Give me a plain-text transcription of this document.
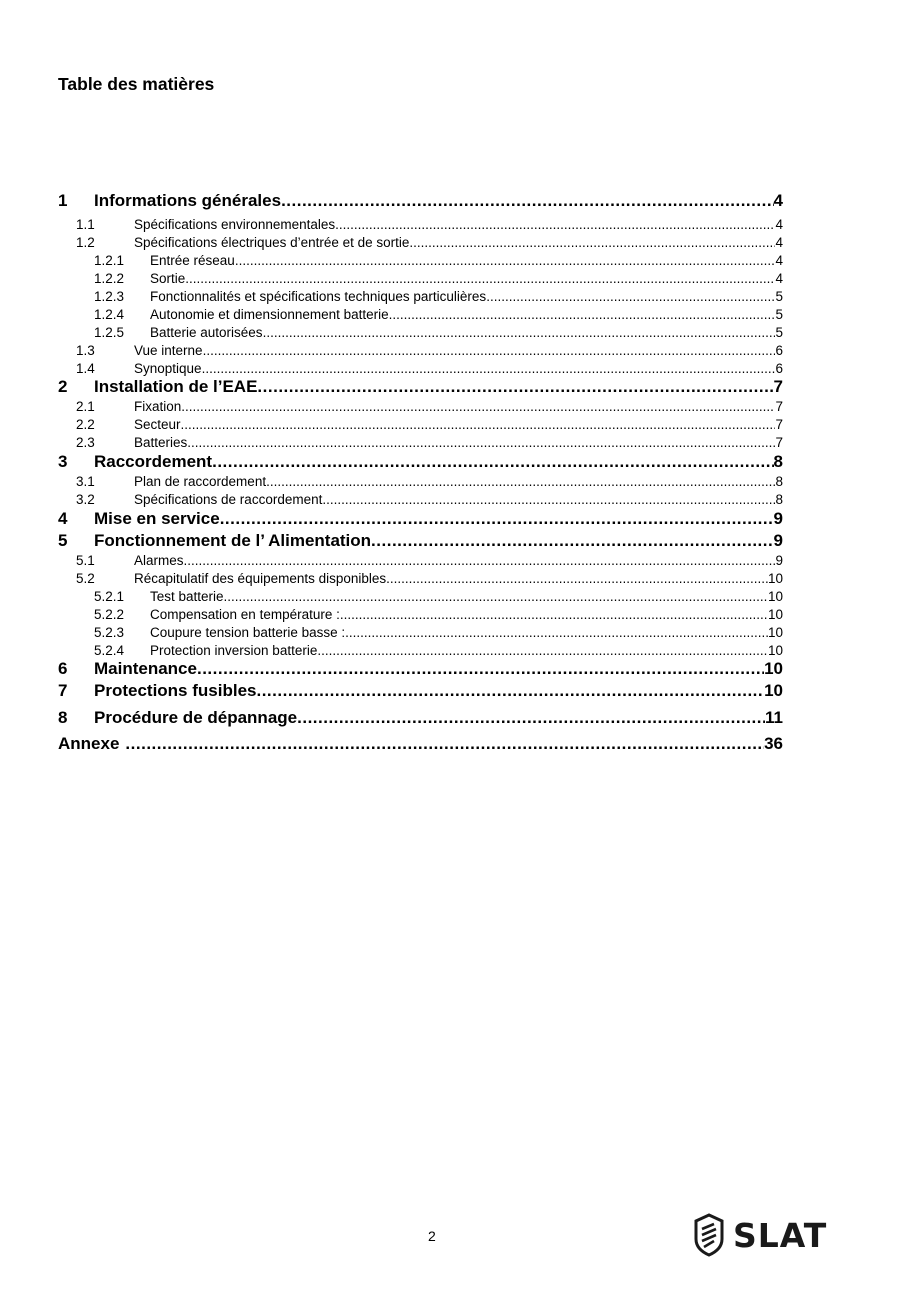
Table des matières
1	Informations générales .....	4
1.1	Spécifications environnementales .....	4
1.2	Spécifications électriques d’entrée et de sortie .....	4
1.2.1	Entrée réseau .....	4
1.2.2	Sortie .....	4
1.2.3	Fonctionnalités et spécifications techniques particulières .....	5
1.2.4	Autonomie et dimensionnement batterie .....	5
1.2.5	Batterie autorisées .....	5
1.3	Vue interne .....	6
1.4	Synoptique .....	6
2	Installation de l’EAE .....	7
2.1	Fixation .....	7
2.2	Secteur .....	7
2.3	Batteries .....	7
3	Raccordement .....	8
3.1	Plan de raccordement .....	8
3.2	Spécifications de raccordement .....	8
4	Mise en service .....	9
5	Fonctionnement de l’ Alimentation .....	9
5.1	Alarmes .....	9
5.2	Récapitulatif des équipements disponibles .....	10
5.2.1	Test batterie .....	10
5.2.2	Compensation en température : .....	10
5.2.3	Coupure tension batterie basse : .....	10
5.2.4	Protection inversion batterie .....	10
6	Maintenance .....	10
7	Protections fusibles .....	10
8	Procédure de dépannage .....	11
Annexe .....	36
2	SLAT
